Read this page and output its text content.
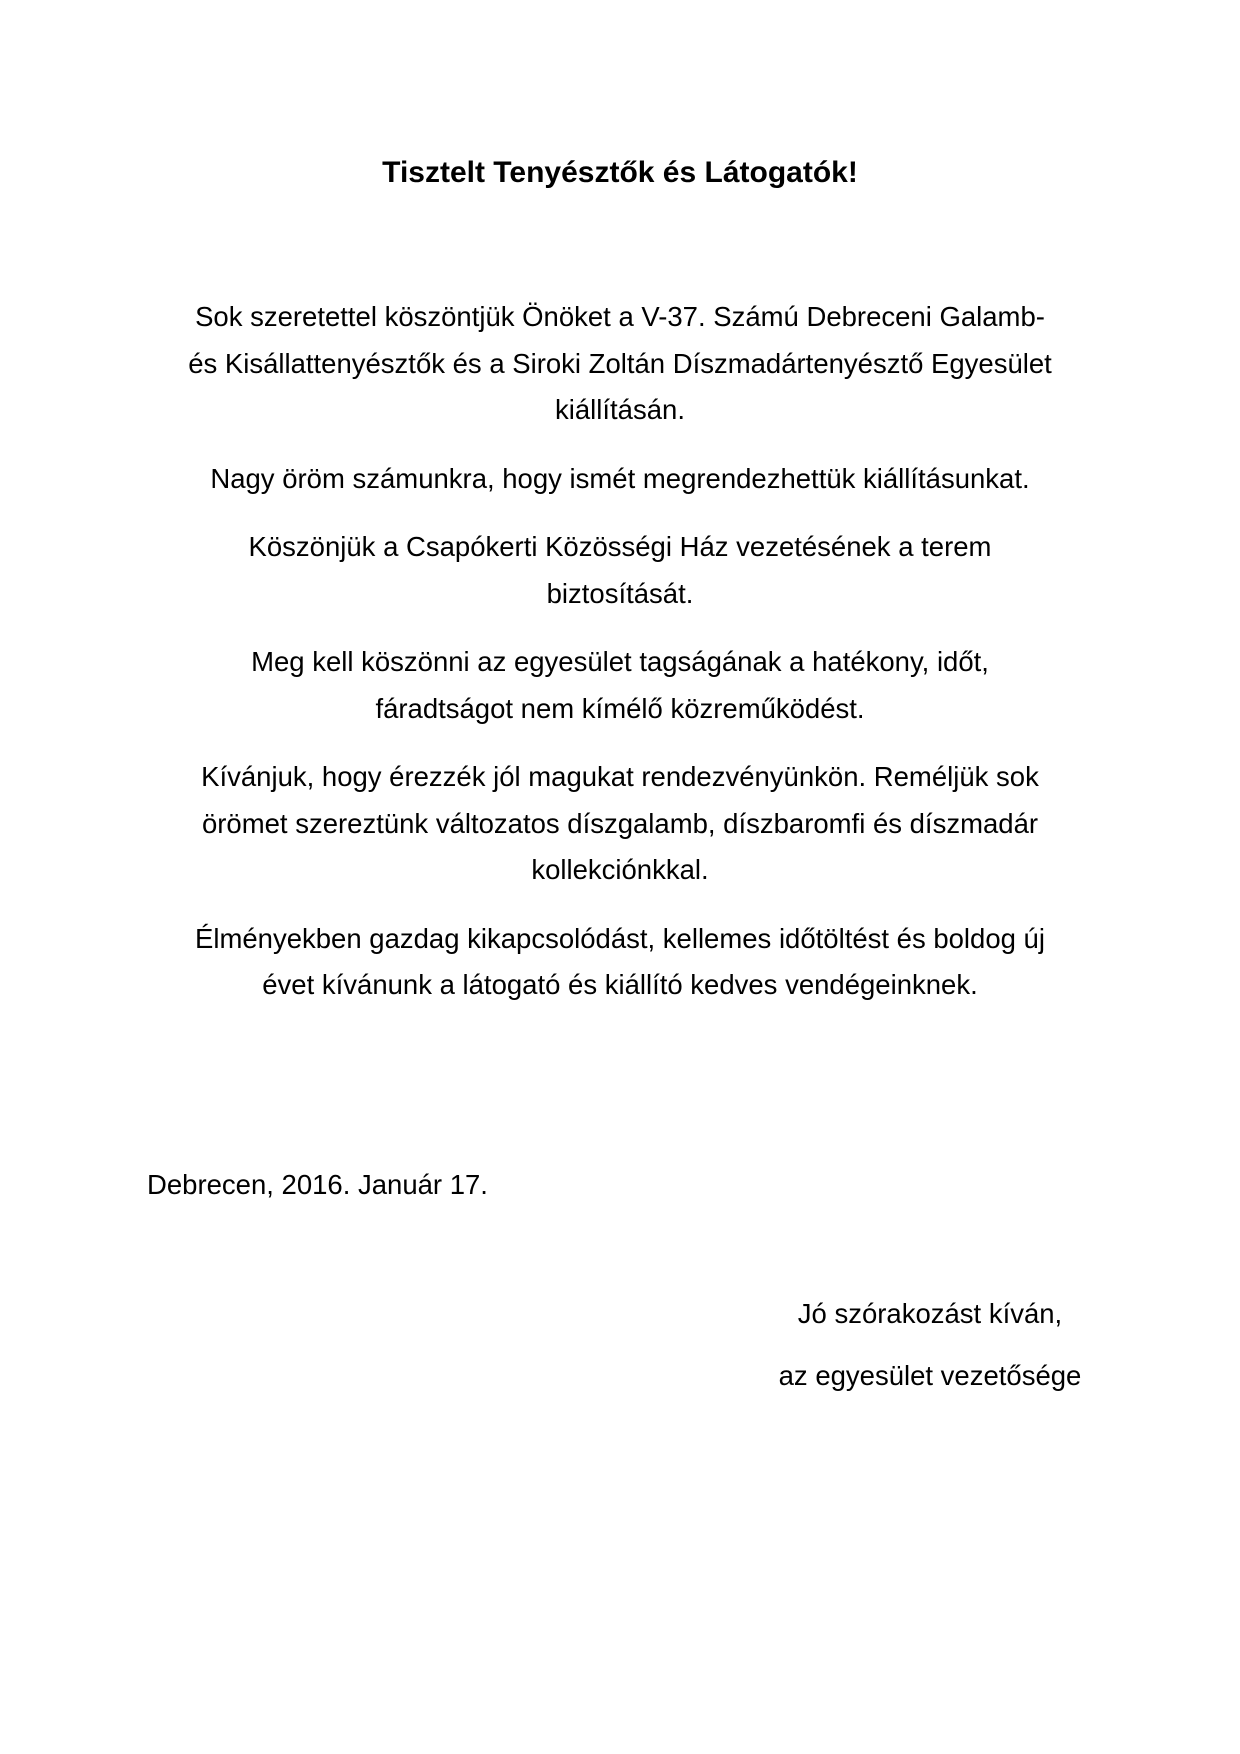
Tisztelt Tenyésztők és Látogatók!

Sok szeretettel köszöntjük Önöket a V-37. Számú Debreceni Galamb-
és Kisállattenyésztők és a Siroki Zoltán Díszmadártenyésztő Egyesület
kiállításán.

Nagy öröm számunkra, hogy ismét megrendezhettük kiállításunkat.

Köszönjük a Csapókerti Közösségi Ház vezetésének a terem
biztosítását.

Meg kell köszönni az egyesület tagságának a hatékony, időt,
fáradtságot nem kímélő közreműködést.

Kívánjuk, hogy érezzék jól magukat rendezvényünkön. Reméljük sok
örömet szereztünk változatos díszgalamb, díszbaromfi és díszmadár
kollekciónkkal.

Élményekben gazdag kikapcsolódást, kellemes időtöltést és boldog új
évet kívánunk a látogató és kiállító kedves vendégeinknek.

Debrecen, 2016. Január 17.

Jó szórakozást kíván,
az egyesület vezetősége
